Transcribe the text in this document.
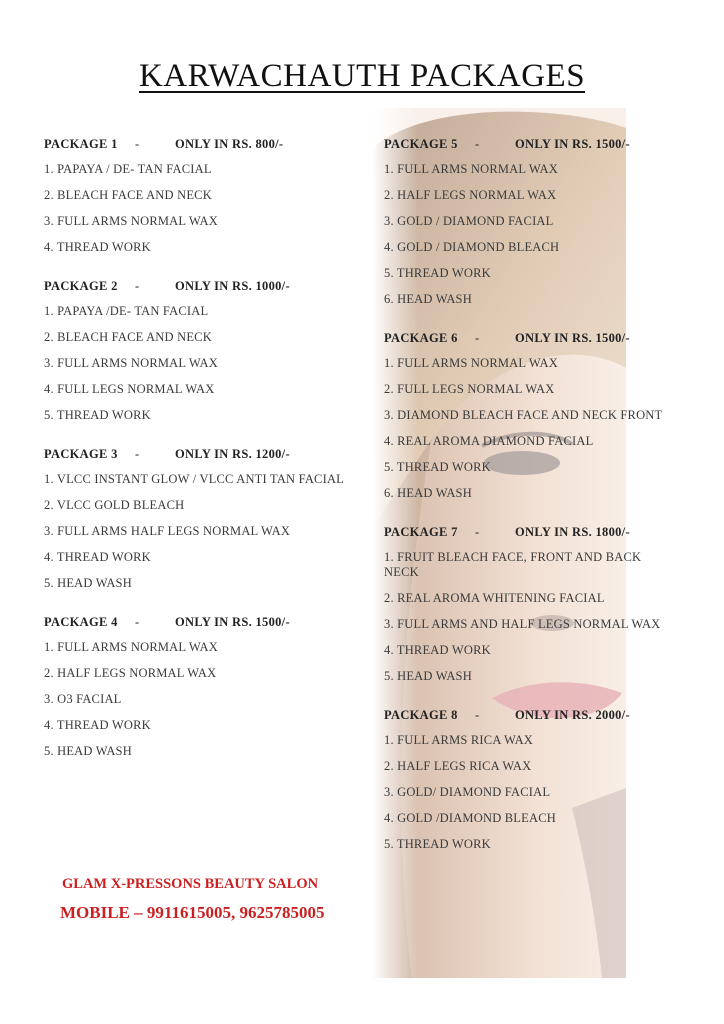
KARWACHAUTH PACKAGES
PACKAGE 1 -	ONLY IN RS. 800/-
1. PAPAYA / DE- TAN FACIAL
2. BLEACH FACE AND NECK
3. FULL ARMS NORMAL WAX
4. THREAD WORK
PACKAGE 2 -	ONLY IN RS. 1000/-
1. PAPAYA /DE- TAN FACIAL
2. BLEACH FACE AND NECK
3. FULL ARMS NORMAL WAX
4. FULL LEGS NORMAL WAX
5. THREAD WORK
PACKAGE 3 -	ONLY IN RS. 1200/-
1. VLCC INSTANT GLOW / VLCC ANTI TAN FACIAL
2. VLCC GOLD BLEACH
3. FULL ARMS HALF LEGS NORMAL WAX
4. THREAD WORK
5. HEAD WASH
PACKAGE 4 -	ONLY IN RS. 1500/-
1. FULL ARMS NORMAL WAX
2. HALF LEGS NORMAL WAX
3. O3 FACIAL
4. THREAD WORK
5. HEAD WASH
PACKAGE 5 -	ONLY IN RS. 1500/-
1. FULL ARMS NORMAL WAX
2. HALF LEGS NORMAL WAX
3. GOLD / DIAMOND FACIAL
4. GOLD / DIAMOND BLEACH
5. THREAD WORK
6. HEAD WASH
PACKAGE 6 -	ONLY IN RS. 1500/-
1. FULL ARMS NORMAL WAX
2. FULL LEGS NORMAL WAX
3. DIAMOND BLEACH FACE AND NECK FRONT
4. REAL AROMA DIAMOND FACIAL
5. THREAD WORK
6. HEAD WASH
PACKAGE 7 -	ONLY IN RS. 1800/-
1. FRUIT BLEACH FACE, FRONT AND BACK NECK
2. REAL AROMA WHITENING FACIAL
3. FULL ARMS AND HALF LEGS NORMAL WAX
4. THREAD WORK
5. HEAD WASH
PACKAGE 8 -	ONLY IN RS. 2000/-
1. FULL ARMS RICA WAX
2. HALF LEGS RICA WAX
3. GOLD/ DIAMOND FACIAL
4. GOLD /DIAMOND BLEACH
5. THREAD WORK
GLAM X-PRESSONS BEAUTY SALON
MOBILE – 9911615005, 9625785005
